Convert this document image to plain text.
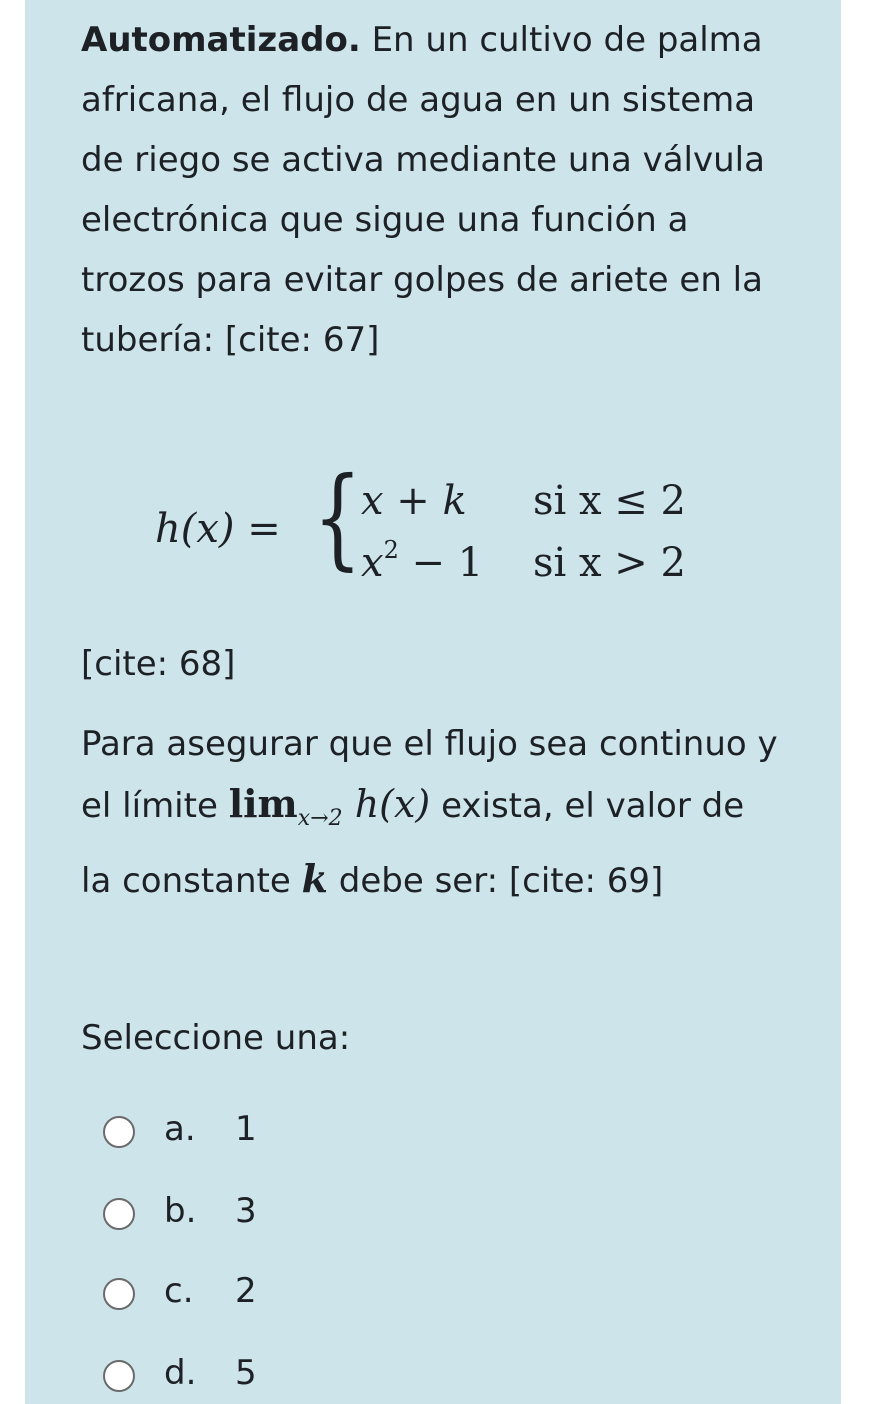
Automatizado. En un cultivo de palma africana, el flujo de agua en un sistema de riego se activa mediante una válvula electrónica que sigue una función a trozos para evitar golpes de ariete en la tubería: [cite: 67]
h(x) = { x + k si x ≤ 2
$x^2 - 1$ si x > 2
[cite: 68]
Para asegurar que el flujo sea continuo y el límite $\lim_{x\to 2} h(x)$ exista, el valor de la constante k debe ser: [cite: 69]
Seleccione una:
a. 1
b. 3
c. 2
d. 5
